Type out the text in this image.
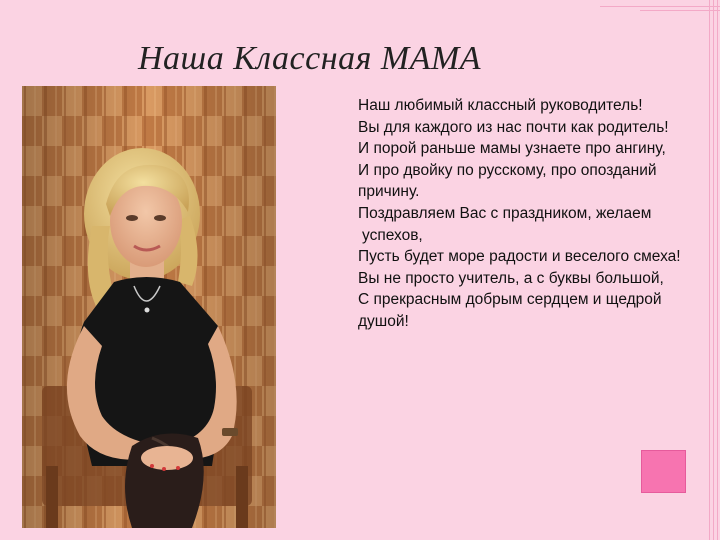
Наша Классная МАМА
Наш любимый классный руководитель!
Вы для каждого из нас почти как родитель!
И порой раньше мамы узнаете про ангину,
И про двойку по русскому, про опозданий
причину.
Поздравляем Вас с праздником, желаем
успехов,
Пусть будет море радости и веселого смеха!
Вы не просто учитель, а с буквы большой,
С прекрасным добрым сердцем и щедрой
душой!
